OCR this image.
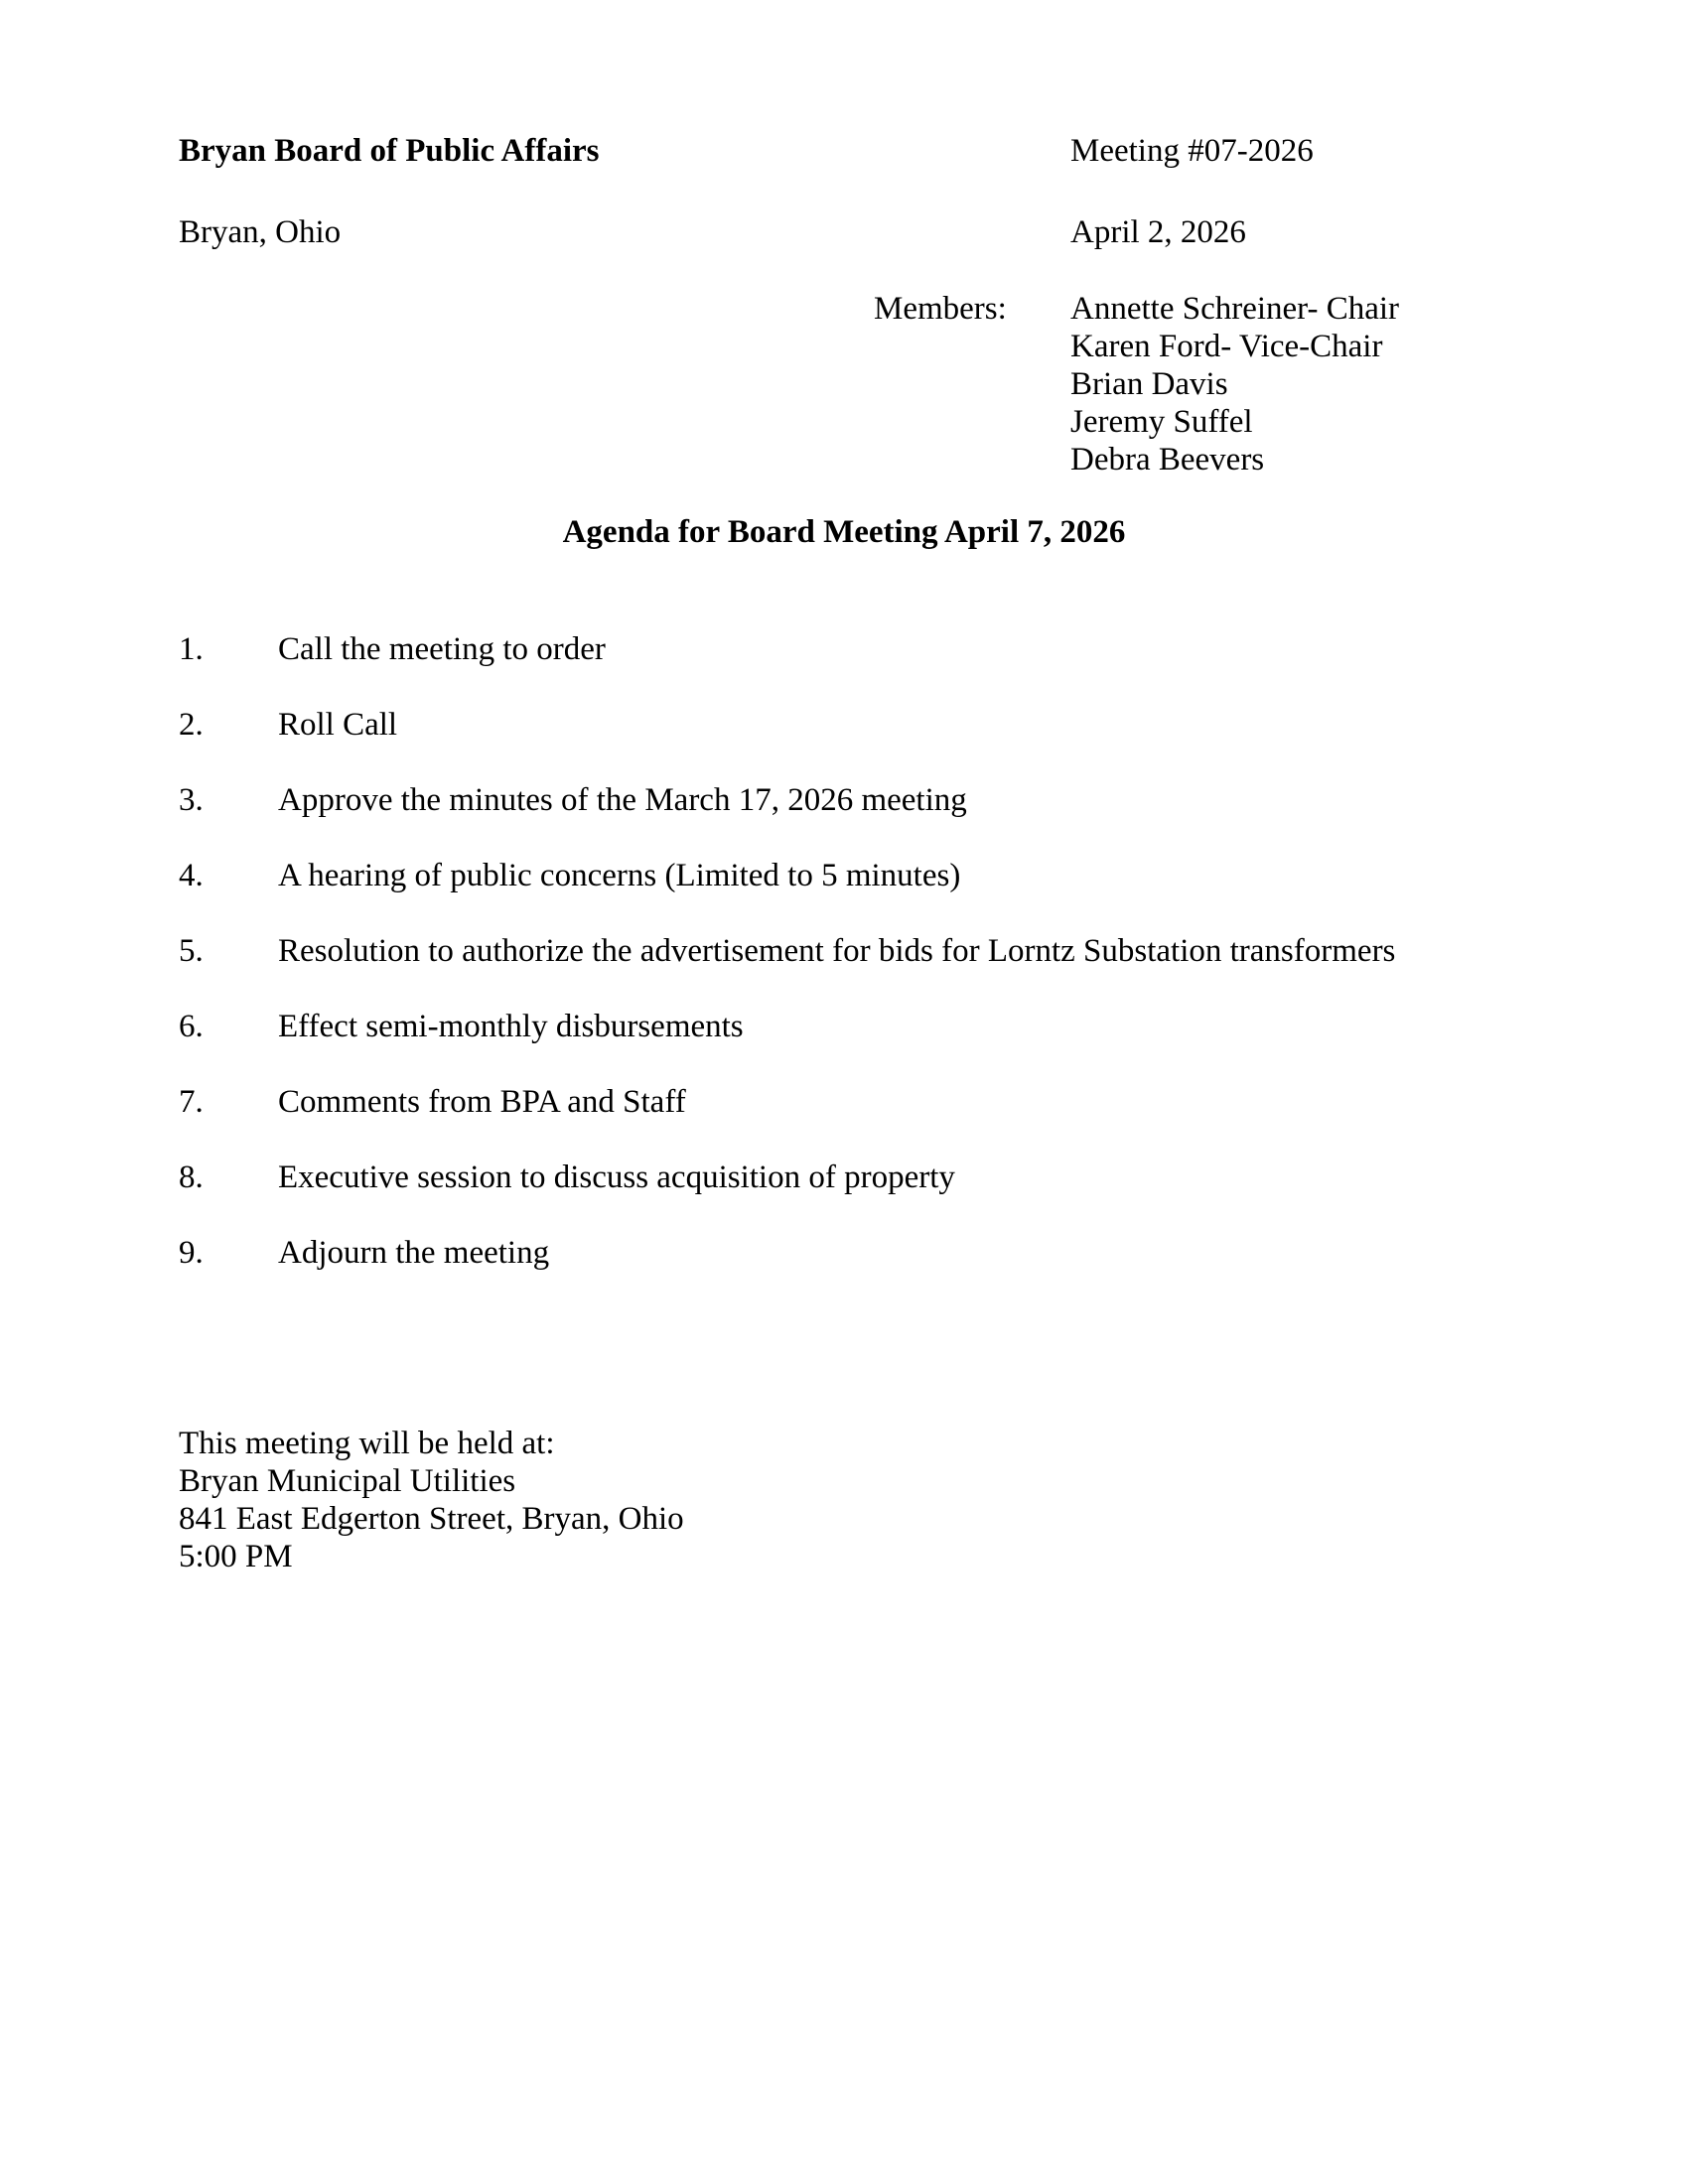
Bryan Board of Public Affairs	Meeting #07-2026
Bryan, Ohio	April 2, 2026
Members: Annette Schreiner- Chair
Karen Ford- Vice-Chair
Brian Davis
Jeremy Suffel
Debra Beevers
Agenda for Board Meeting April 7, 2026
1. Call the meeting to order
2. Roll Call
3. Approve the minutes of the March 17, 2026 meeting
4. A hearing of public concerns (Limited to 5 minutes)
5. Resolution to authorize the advertisement for bids for Lorntz Substation transformers
6. Effect semi-monthly disbursements
7. Comments from BPA and Staff
8. Executive session to discuss acquisition of property
9. Adjourn the meeting
This meeting will be held at:
Bryan Municipal Utilities
841 East Edgerton Street, Bryan, Ohio
5:00 PM
